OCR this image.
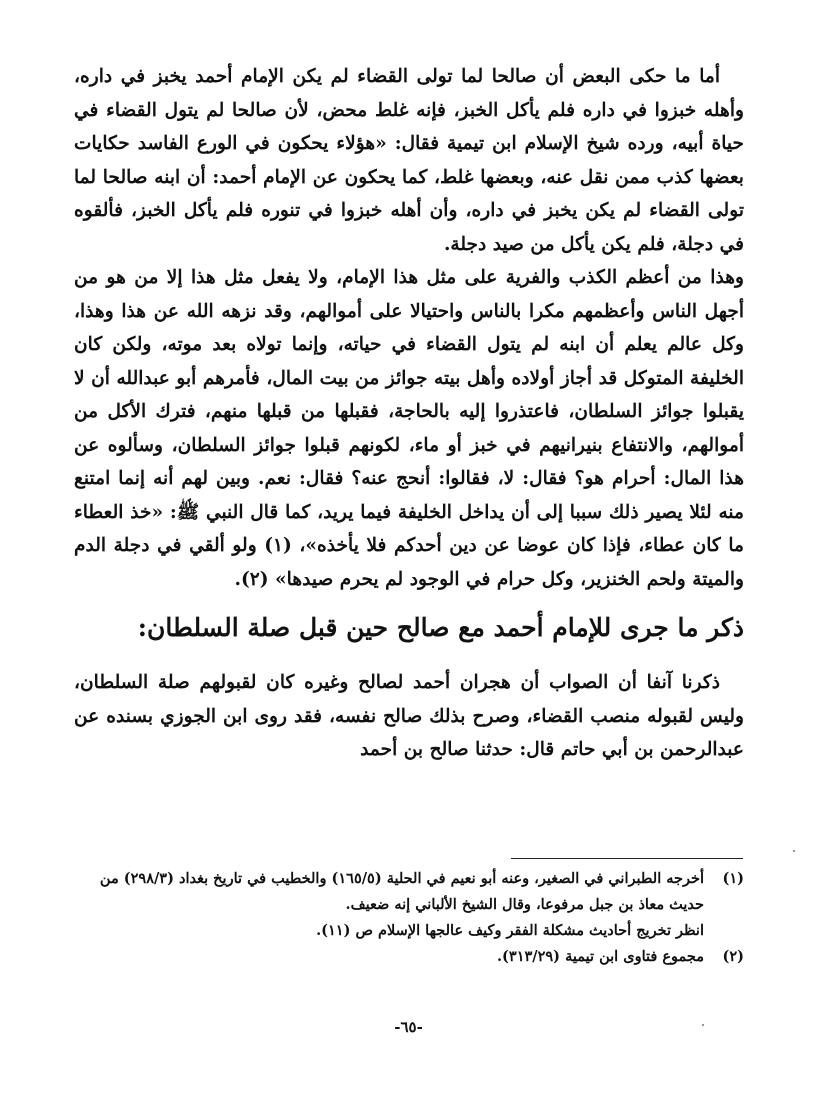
أما ما حكى البعض أن صالحا لما تولى القضاء لم يكن الإمام أحمد يخبز في داره، وأهله خبزوا في داره فلم يأكل الخبز، فإنه غلط محض، لأن صالحا لم يتول القضاء في حياة أبيه، ورده شيخ الإسلام ابن تيمية فقال: «هؤلاء يحكون في الورع الفاسد حكايات بعضها كذب ممن نقل عنه، وبعضها غلط، كما يحكون عن الإمام أحمد: أن ابنه صالحا لما تولى القضاء لم يكن يخبز في داره، وأن أهله خبزوا في تنوره فلم يأكل الخبز، فألقوه في دجلة، فلم يكن يأكل من صيد دجلة.

وهذا من أعظم الكذب والفرية على مثل هذا الإمام، ولا يفعل مثل هذا إلا من هو من أجهل الناس وأعظمهم مكرا بالناس واحتيالا على أموالهم، وقد نزهه الله عن هذا وهذا، وكل عالم يعلم أن ابنه لم يتول القضاء في حياته، وإنما تولاه بعد موته، ولكن كان الخليفة المتوكل قد أجاز أولاده وأهل بيته جوائز من بيت المال، فأمرهم أبو عبدالله أن لا يقبلوا جوائز السلطان، فاعتذروا إليه بالحاجة، فقبلها من قبلها منهم، فترك الأكل من أموالهم، والانتفاع بنيرانيهم في خبز أو ماء، لكونهم قبلوا جوائز السلطان، وسألوه عن هذا المال: أحرام هو؟ فقال: لا، فقالوا: أنحج عنه؟ فقال: نعم. وبين لهم أنه إنما امتنع منه لئلا يصير ذلك سببا إلى أن يداخل الخليفة فيما يريد، كما قال النبي ﷺ: «خذ العطاء ما كان عطاء، فإذا كان عوضا عن دين أحدكم فلا يأخذه»، (١) ولو ألقي في دجلة الدم والميتة ولحم الخنزير، وكل حرام في الوجود لم يحرم صيدها» (٢).

ذكر ما جرى للإمام أحمد مع صالح حين قبل صلة السلطان:

ذكرنا آنفا أن الصواب أن هجران أحمد لصالح وغيره كان لقبولهم صلة السلطان، وليس لقبوله منصب القضاء، وصرح بذلك صالح نفسه، فقد روى ابن الجوزي بسنده عن عبدالرحمن بن أبي حاتم قال: حدثنا صالح بن أحمد

(١)
أخرجه الطبراني في الصغير، وعنه أبو نعيم في الحلية (١٦٥/٥) والخطيب في تاريخ بغداد (٢٩٨/٣) من حديث معاذ بن جبل مرفوعا، وقال الشيخ الألباني إنه ضعيف.
انظر تخريج أحاديث مشكلة الفقر وكيف عالجها الإسلام ص (١١).
(٢)
مجموع فتاوى ابن تيمية (٣١٣/٢٩).
-٦٥-
